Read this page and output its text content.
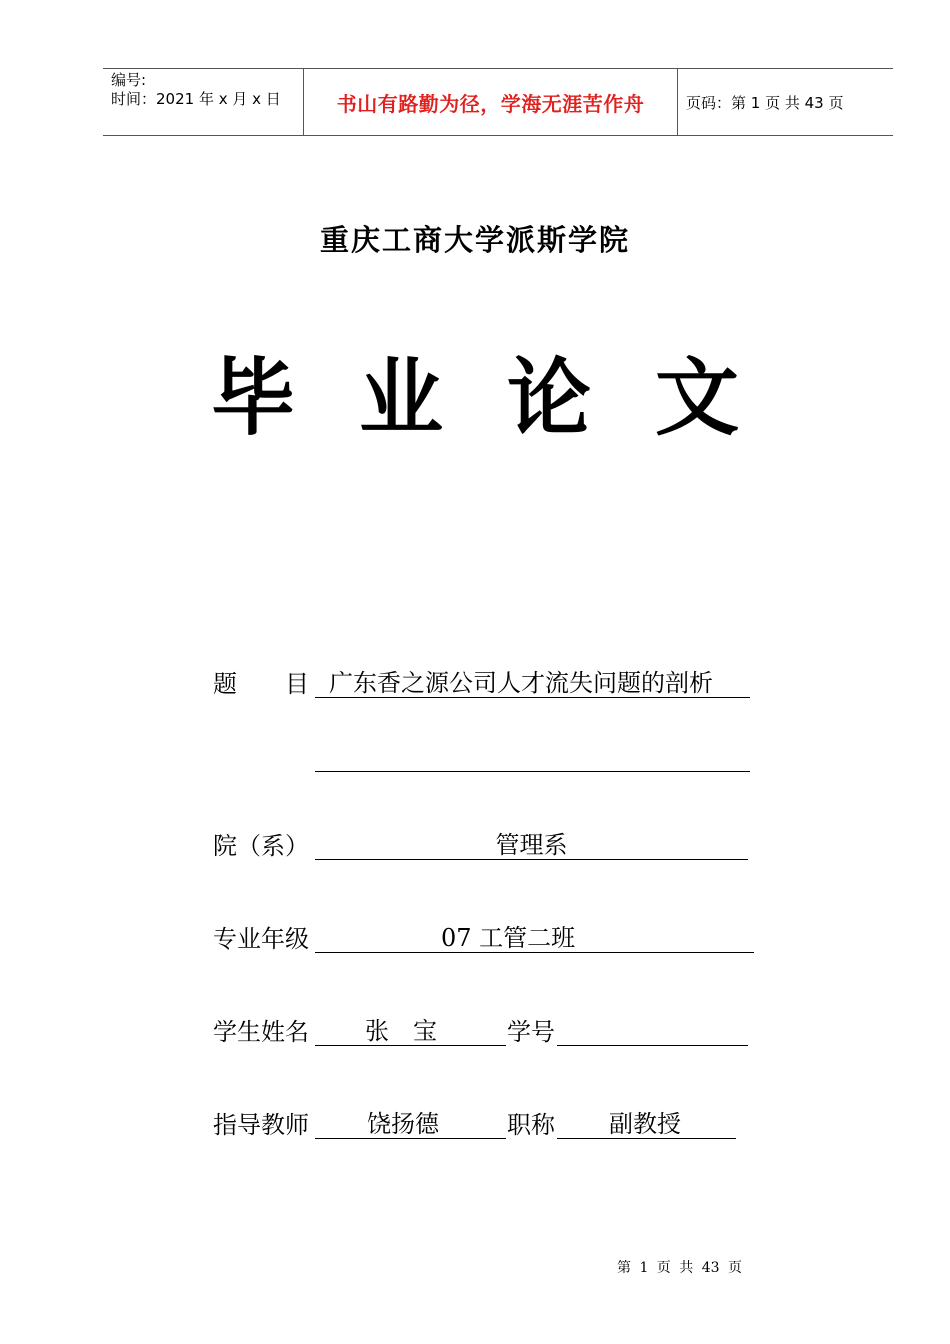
编号:
时间：2021 年 x 月 x 日	书山有路勤为径，学海无涯苦作舟	页码：第 1 页 共 43 页
重庆工商大学派斯学院
毕业论文
题　　目 广东香之源公司人才流失问题的剖析
院（系）	管理系
专业年级	07 工管二班
学生姓名	张　宝	学号
指导教师	饶扬德	职称	副教授
第 1 页 共 43 页
